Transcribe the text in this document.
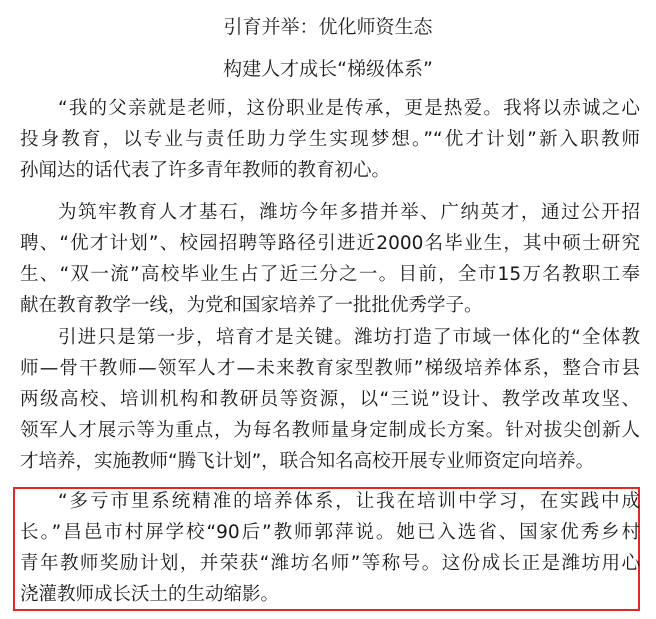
引育并举：优化师资生态
构建人才成长“梯级体系”
“我的父亲就是老师，这份职业是传承，更是热爱。我将以赤诚之心
投身教育，以专业与责任助力学生实现梦想。”“优才计划”新入职教师
孙闻达的话代表了许多青年教师的教育初心。
为筑牢教育人才基石，潍坊今年多措并举、广纳英才，通过公开招
聘、“优才计划”、校园招聘等路径引进近2000名毕业生，其中硕士研究
生、“双一流”高校毕业生占了近三分之一。目前，全市15万名教职工奉
献在教育教学一线，为党和国家培养了一批批优秀学子。
引进只是第一步，培育才是关键。潍坊打造了市域一体化的“全体教
师—骨干教师—领军人才—未来教育家型教师”梯级培养体系，整合市县
两级高校、培训机构和教研员等资源，以“三说”设计、教学改革攻坚、
领军人才展示等为重点，为每名教师量身定制成长方案。针对拔尖创新人
才培养，实施教师“腾飞计划”，联合知名高校开展专业师资定向培养。
“多亏市里系统精准的培养体系，让我在培训中学习，在实践中成
长。”昌邑市村屏学校“90后”教师郭萍说。她已入选省、国家优秀乡村
青年教师奖励计划，并荣获“潍坊名师”等称号。这份成长正是潍坊用心
浇灌教师成长沃土的生动缩影。
